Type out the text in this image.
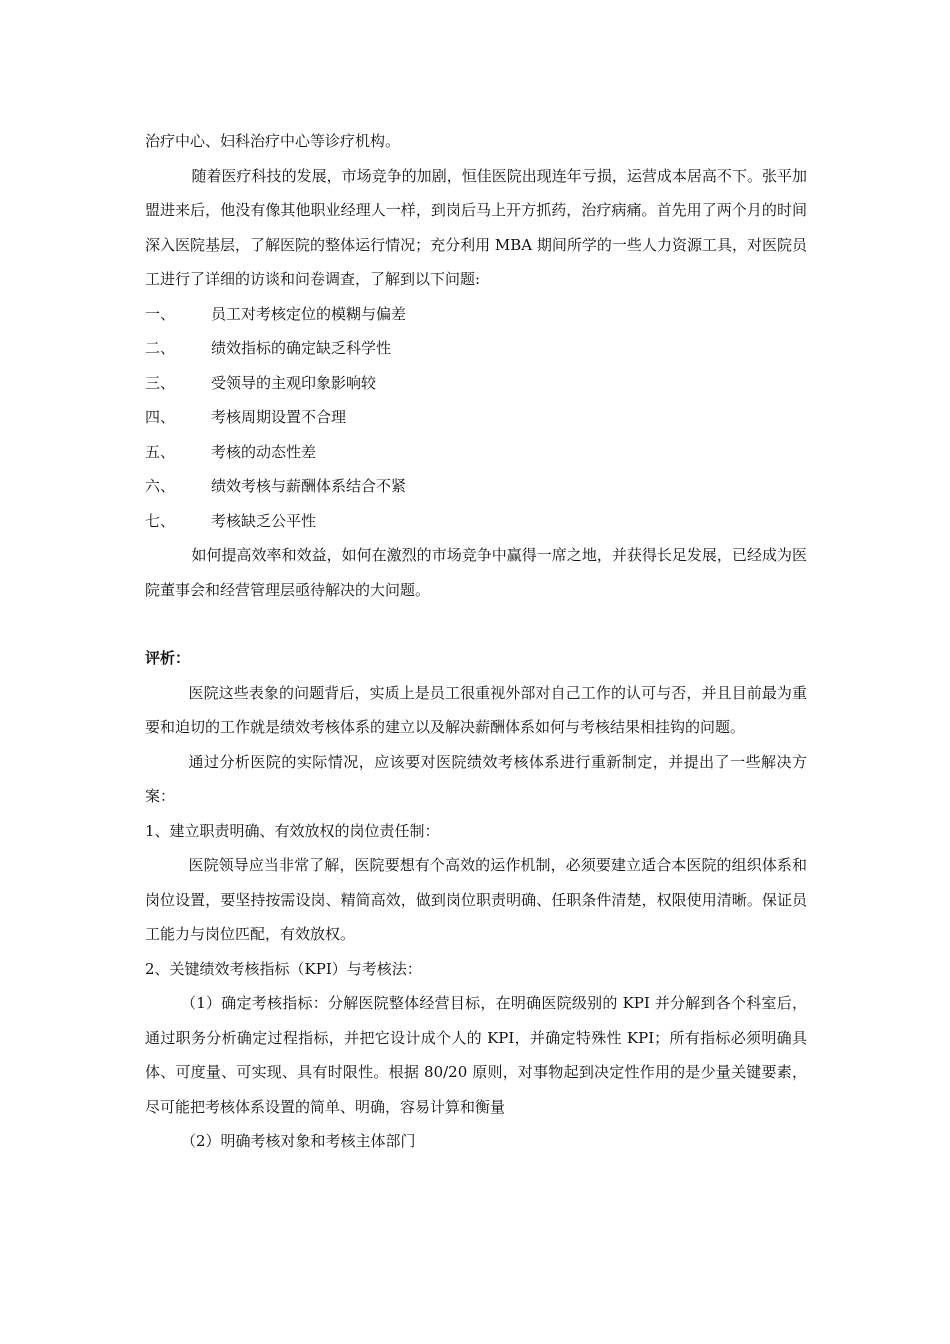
治疗中心、妇科治疗中心等诊疗机构。

随着医疗科技的发展，市场竞争的加剧，恒佳医院出现连年亏损，运营成本居高不下。张平加盟进来后，他没有像其他职业经理人一样，到岗后马上开方抓药，治疗病痛。首先用了两个月的时间深入医院基层，了解医院的整体运行情况；充分利用 MBA 期间所学的一些人力资源工具，对医院员工进行了详细的访谈和问卷调查，了解到以下问题:

一、	员工对考核定位的模糊与偏差
二、	绩效指标的确定缺乏科学性
三、	受领导的主观印象影响较
四、	考核周期设置不合理
五、	考核的动态性差
六、	绩效考核与薪酬体系结合不紧
七、	考核缺乏公平性

如何提高效率和效益，如何在激烈的市场竞争中赢得一席之地，并获得长足发展，已经成为医院董事会和经营管理层亟待解决的大问题。

评析：

医院这些表象的问题背后，实质上是员工很重视外部对自己工作的认可与否，并且目前最为重要和迫切的工作就是绩效考核体系的建立以及解决薪酬体系如何与考核结果相挂钩的问题。

通过分析医院的实际情况，应该要对医院绩效考核体系进行重新制定，并提出了一些解决方案：

1、建立职责明确、有效放权的岗位责任制：

医院领导应当非常了解，医院要想有个高效的运作机制，必须要建立适合本医院的组织体系和岗位设置，要坚持按需设岗、精简高效，做到岗位职责明确、任职条件清楚，权限使用清晰。保证员工能力与岗位匹配，有效放权。

2、关键绩效考核指标（KPI）与考核法：

（1）确定考核指标：分解医院整体经营目标，在明确医院级别的 KPI 并分解到各个科室后，通过职务分析确定过程指标，并把它设计成个人的 KPI，并确定特殊性 KPI；所有指标必须明确具体、可度量、可实现、具有时限性。根据 80/20 原则，对事物起到决定性作用的是少量关键要素，尽可能把考核体系设置的简单、明确，容易计算和衡量

（2）明确考核对象和考核主体部门
